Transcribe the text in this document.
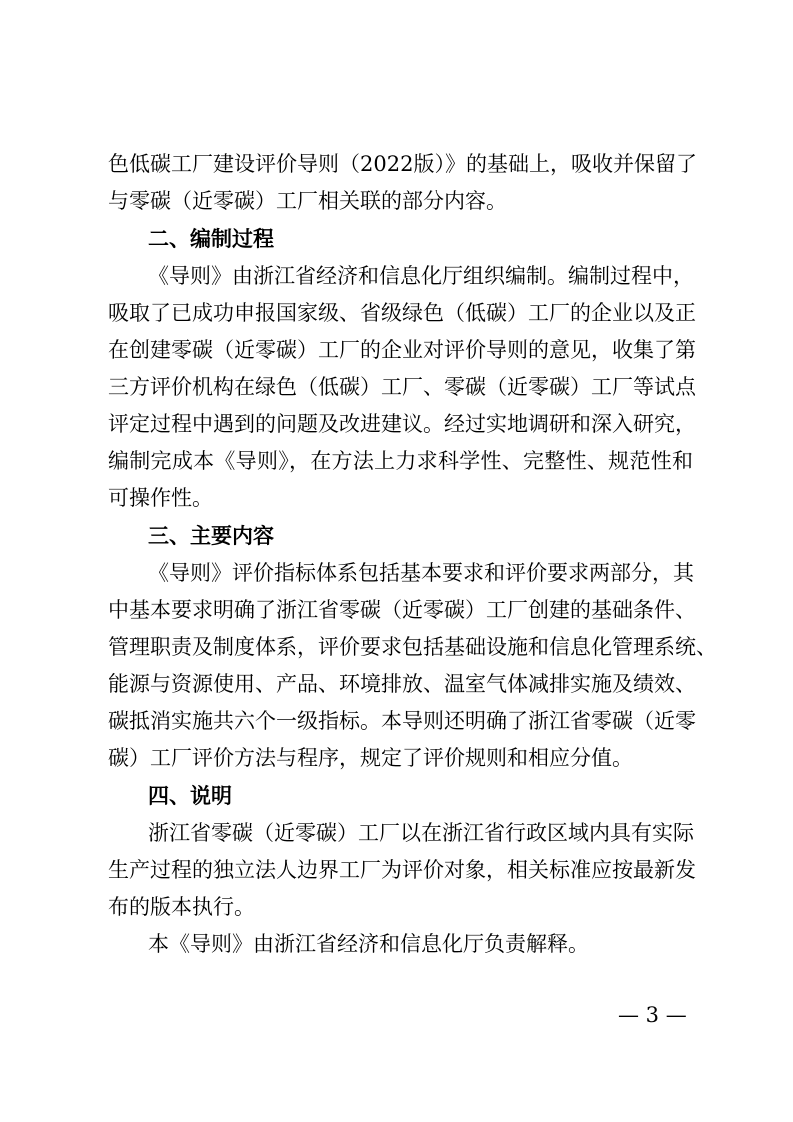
色低碳工厂建设评价导则（2022版）》的基础上，吸收并保留了
与零碳（近零碳）工厂相关联的部分内容。
二、编制过程
《导则》由浙江省经济和信息化厅组织编制。编制过程中，
吸取了已成功申报国家级、省级绿色（低碳）工厂的企业以及正
在创建零碳（近零碳）工厂的企业对评价导则的意见，收集了第
三方评价机构在绿色（低碳）工厂、零碳（近零碳）工厂等试点
评定过程中遇到的问题及改进建议。经过实地调研和深入研究，
编制完成本《导则》，在方法上力求科学性、完整性、规范性和
可操作性。
三、主要内容
《导则》评价指标体系包括基本要求和评价要求两部分，其
中基本要求明确了浙江省零碳（近零碳）工厂创建的基础条件、
管理职责及制度体系，评价要求包括基础设施和信息化管理系统、
能源与资源使用、产品、环境排放、温室气体减排实施及绩效、
碳抵消实施共六个一级指标。本导则还明确了浙江省零碳（近零
碳）工厂评价方法与程序，规定了评价规则和相应分值。
四、说明
浙江省零碳（近零碳）工厂以在浙江省行政区域内具有实际
生产过程的独立法人边界工厂为评价对象，相关标准应按最新发
布的版本执行。
本《导则》由浙江省经济和信息化厅负责解释。
— 3 —
